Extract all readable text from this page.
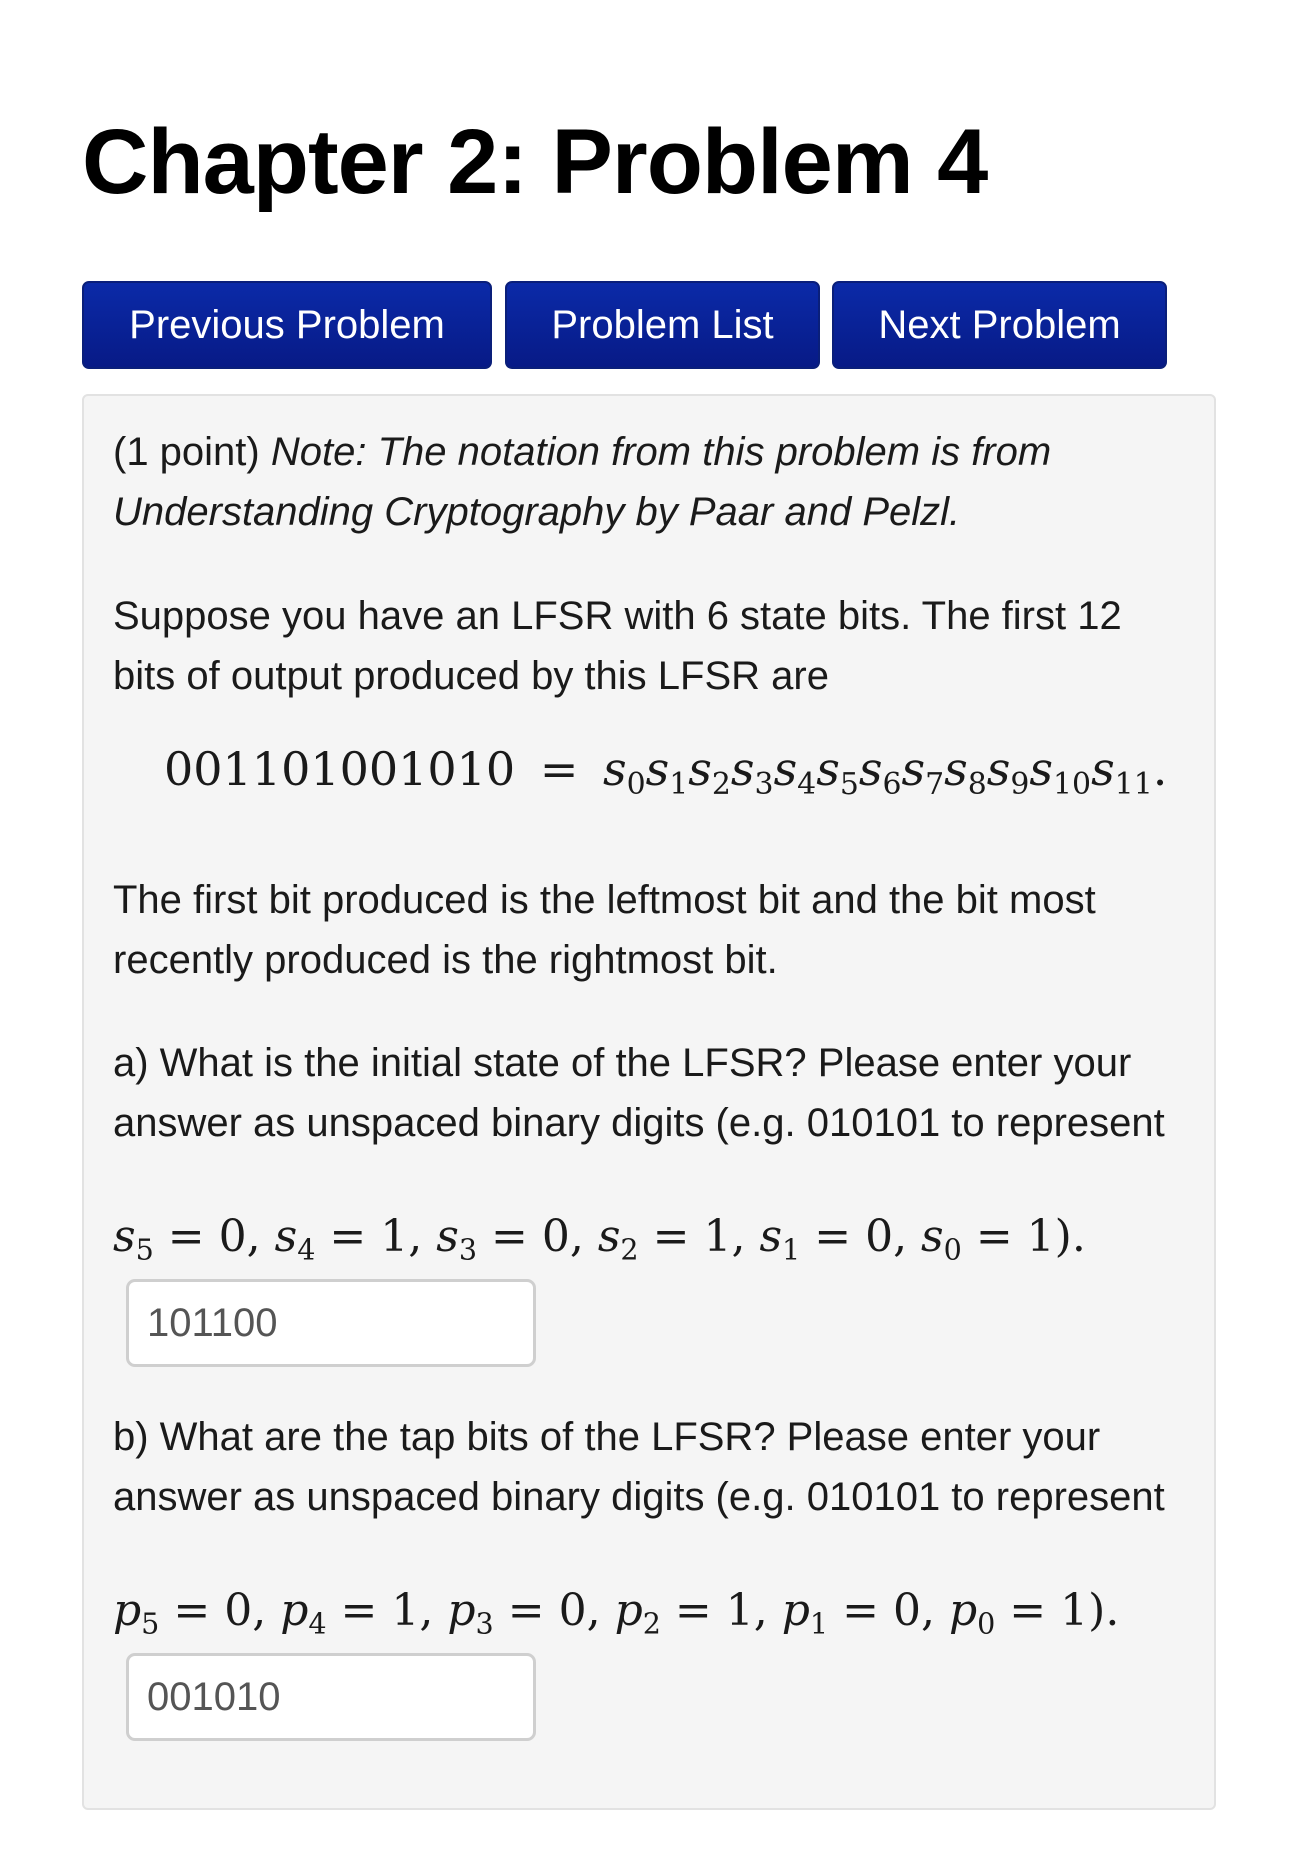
Chapter 2: Problem 4
Previous Problem	Problem List	Next Problem

(1 point) Note: The notation from this problem is from Understanding Cryptography by Paar and Pelzl.

Suppose you have an LFSR with 6 state bits. The first 12 bits of output produced by this LFSR are

$001101001010 = s_0s_1s_2s_3s_4s_5s_6s_7s_8s_9s_{10}s_{11}$.

The first bit produced is the leftmost bit and the bit most recently produced is the rightmost bit.

a) What is the initial state of the LFSR? Please enter your answer as unspaced binary digits (e.g. 010101 to represent

$s_5 = 0$, $s_4 = 1$, $s_3 = 0$, $s_2 = 1$, $s_1 = 0$, $s_0 = 1$).
101100

b) What are the tap bits of the LFSR? Please enter your answer as unspaced binary digits (e.g. 010101 to represent

$p_5 = 0$, $p_4 = 1$, $p_3 = 0$, $p_2 = 1$, $p_1 = 0$, $p_0 = 1$).
001010
